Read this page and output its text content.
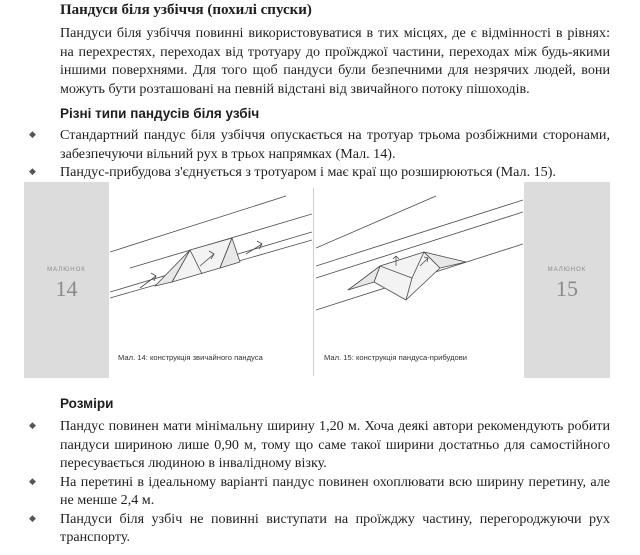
Пандуси біля узбіччя (похилі спуски)

Пандуси біля узбіччя повинні використовуватися в тих місцях, де є відмінності в рівнях: на перехрестях, переходах від тротуару до проїжджої частини, переходах між будь-якими іншими поверхнями. Для того щоб пандуси були безпечними для незрячих людей, вони можуть бути розташовані на певній відстані від звичайного потоку пішоходів.

Різні типи пандусів біля узбіч
◆ Стандартний пандус біля узбіччя опускається на тротуар трьома розбіжними сторонами, забезпечуючи вільний рух в трьох напрямках (Мал. 14).
◆ Пандус-прибудова з'єднується з тротуаром і має краї що розширюються (Мал. 15).
МАЛЮНОК
14
Мал. 14: конструкція звичайного пандуса	Мал. 15: конструкція пандуса-прибудови
МАЛЮНОК
15
Розміри
◆ Пандус повинен мати мінімальну ширину 1,20 м. Хоча деякі автори рекомендують робити пандуси шириною лише 0,90 м, тому що саме такої ширини достатньо для самостійного пересувається людиною в інвалідному візку.
◆ На перетині в ідеальному варіанті пандус повинен охоплювати всю ширину перетину, але не менше 2,4 м.
◆ Пандуси біля узбіч не повинні виступати на проїжджу частину, перегороджуючи рух транспорту.
